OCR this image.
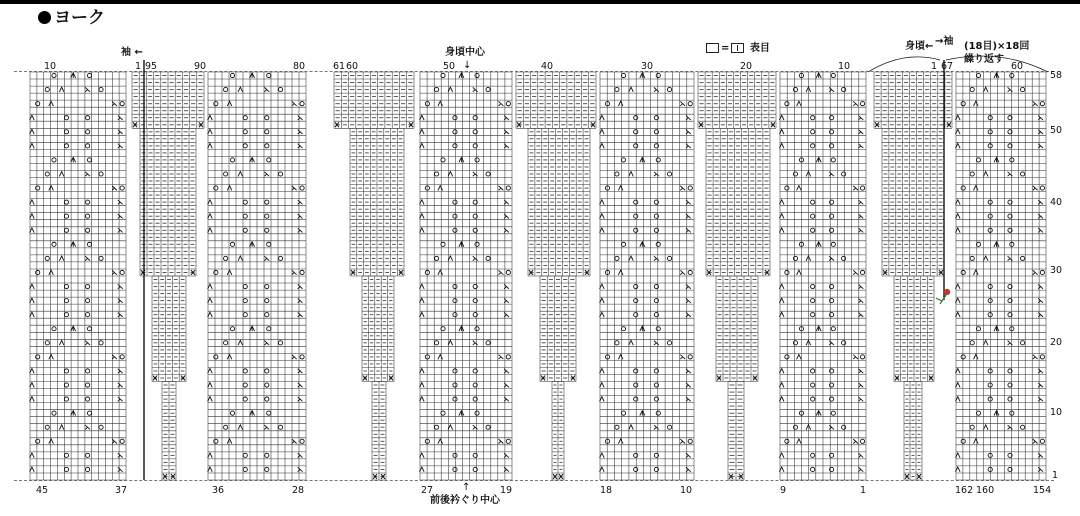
ヨーク
袖 ←	身頃中心
↓
= 表目	身頃← →袖 (18目)×18回
繰り返す
↑
前後衿ぐり中心
10	1 95	90	80	61 60	50	40	30	20	10	1 67	60
45	37	36	28	27	19	18	10	9	1	162 160	154
58
50
40
30
20
10
1
